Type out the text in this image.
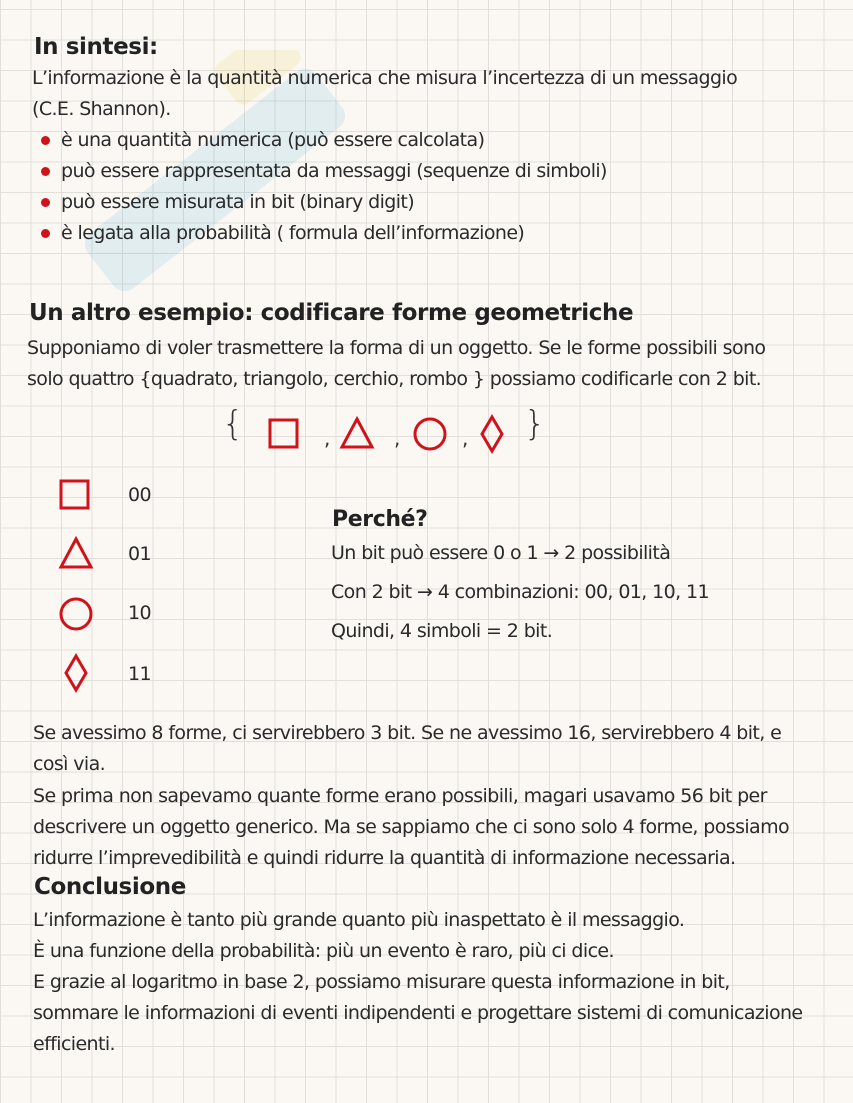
In sintesi:
L’informazione è la quantità numerica che misura l’incertezza di un messaggio
(C.E. Shannon).
è una quantità numerica (può essere calcolata)
può essere rappresentata da messaggi (sequenze di simboli)
può essere misurata in bit (binary digit)
è legata alla probabilità ( formula dell’informazione)
Un altro esempio: codificare forme geometriche
Supponiamo di voler trasmettere la forma di un oggetto. Se le forme possibili sono
solo quattro {quadrato, triangolo, cerchio, rombo } possiamo codificarle con 2 bit.
{	,	,	, }
00
01
10
11
Perché?
Un bit può essere 0 o 1 → 2 possibilità
Con 2 bit → 4 combinazioni: 00, 01, 10, 11
Quindi, 4 simboli = 2 bit.
Se avessimo 8 forme, ci servirebbero 3 bit. Se ne avessimo 16, servirebbero 4 bit, e
così via.
Se prima non sapevamo quante forme erano possibili, magari usavamo 56 bit per
descrivere un oggetto generico. Ma se sappiamo che ci sono solo 4 forme, possiamo
ridurre l’imprevedibilità e quindi ridurre la quantità di informazione necessaria.
Conclusione
L’informazione è tanto più grande quanto più inaspettato è il messaggio.
È una funzione della probabilità: più un evento è raro, più ci dice.
E grazie al logaritmo in base 2, possiamo misurare questa informazione in bit,
sommare le informazioni di eventi indipendenti e progettare sistemi di comunicazione
efficienti.
